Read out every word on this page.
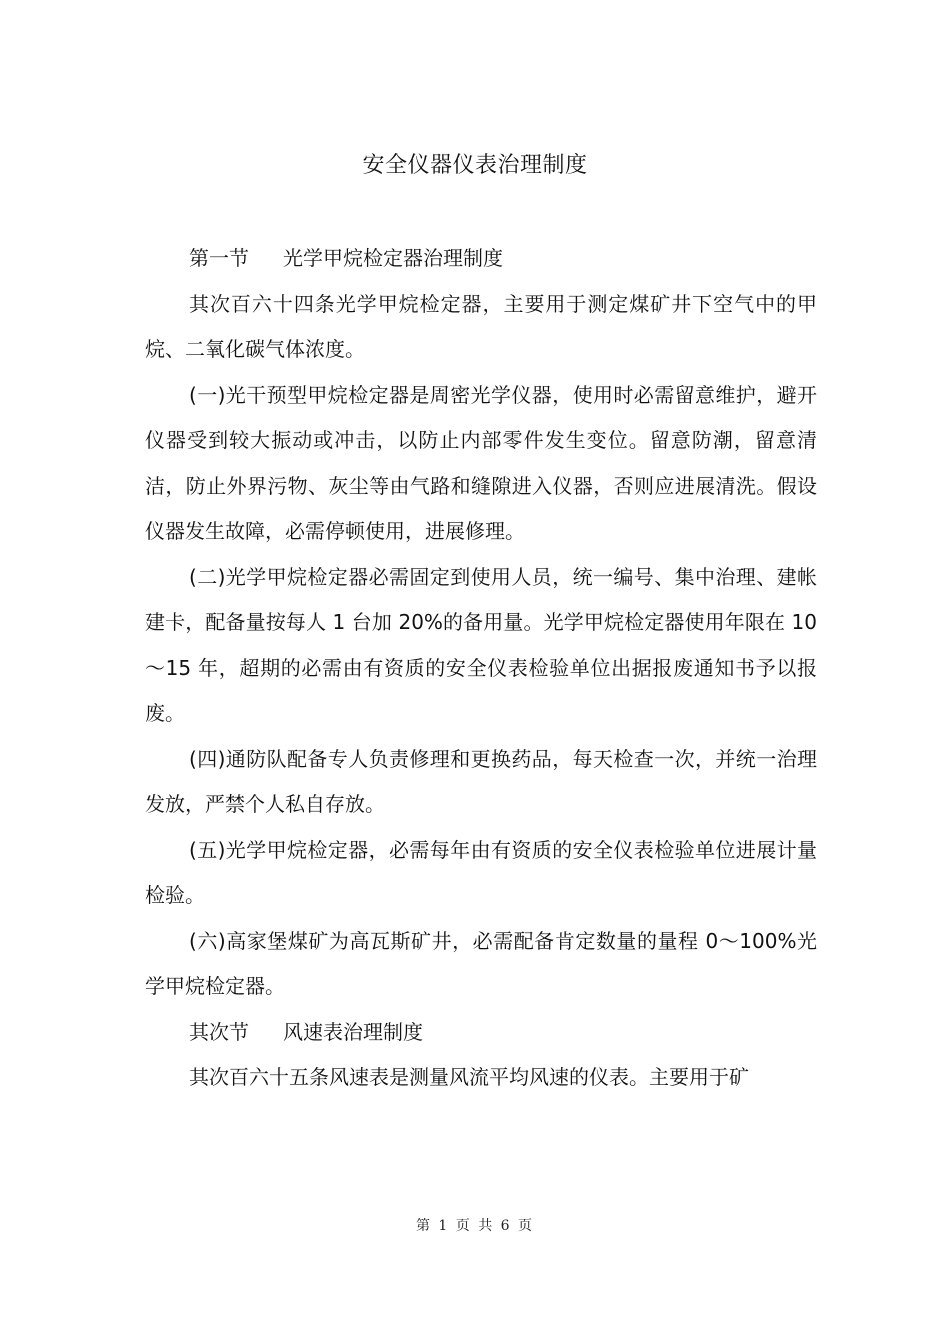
安全仪器仪表治理制度

第一节 光学甲烷检定器治理制度

其次百六十四条光学甲烷检定器，主要用于测定煤矿井下空气中的甲烷、二氧化碳气体浓度。

(一)光干预型甲烷检定器是周密光学仪器，使用时必需留意维护，避开仪器受到较大振动或冲击，以防止内部零件发生变位。留意防潮，留意清洁，防止外界污物、灰尘等由气路和缝隙进入仪器，否则应进展清洗。假设仪器发生故障，必需停顿使用，进展修理。

(二)光学甲烷检定器必需固定到使用人员，统一编号、集中治理、建帐建卡，配备量按每人 1 台加 20%的备用量。光学甲烷检定器使用年限在 10～15 年，超期的必需由有资质的安全仪表检验单位出据报废通知书予以报废。

(四)通防队配备专人负责修理和更换药品，每天检查一次，并统一治理发放，严禁个人私自存放。

(五)光学甲烷检定器，必需每年由有资质的安全仪表检验单位进展计量检验。

(六)高家堡煤矿为高瓦斯矿井，必需配备肯定数量的量程 0～100%光学甲烷检定器。

其次节 风速表治理制度

其次百六十五条风速表是测量风流平均风速的仪表。主要用于矿

第 1 页 共 6 页
